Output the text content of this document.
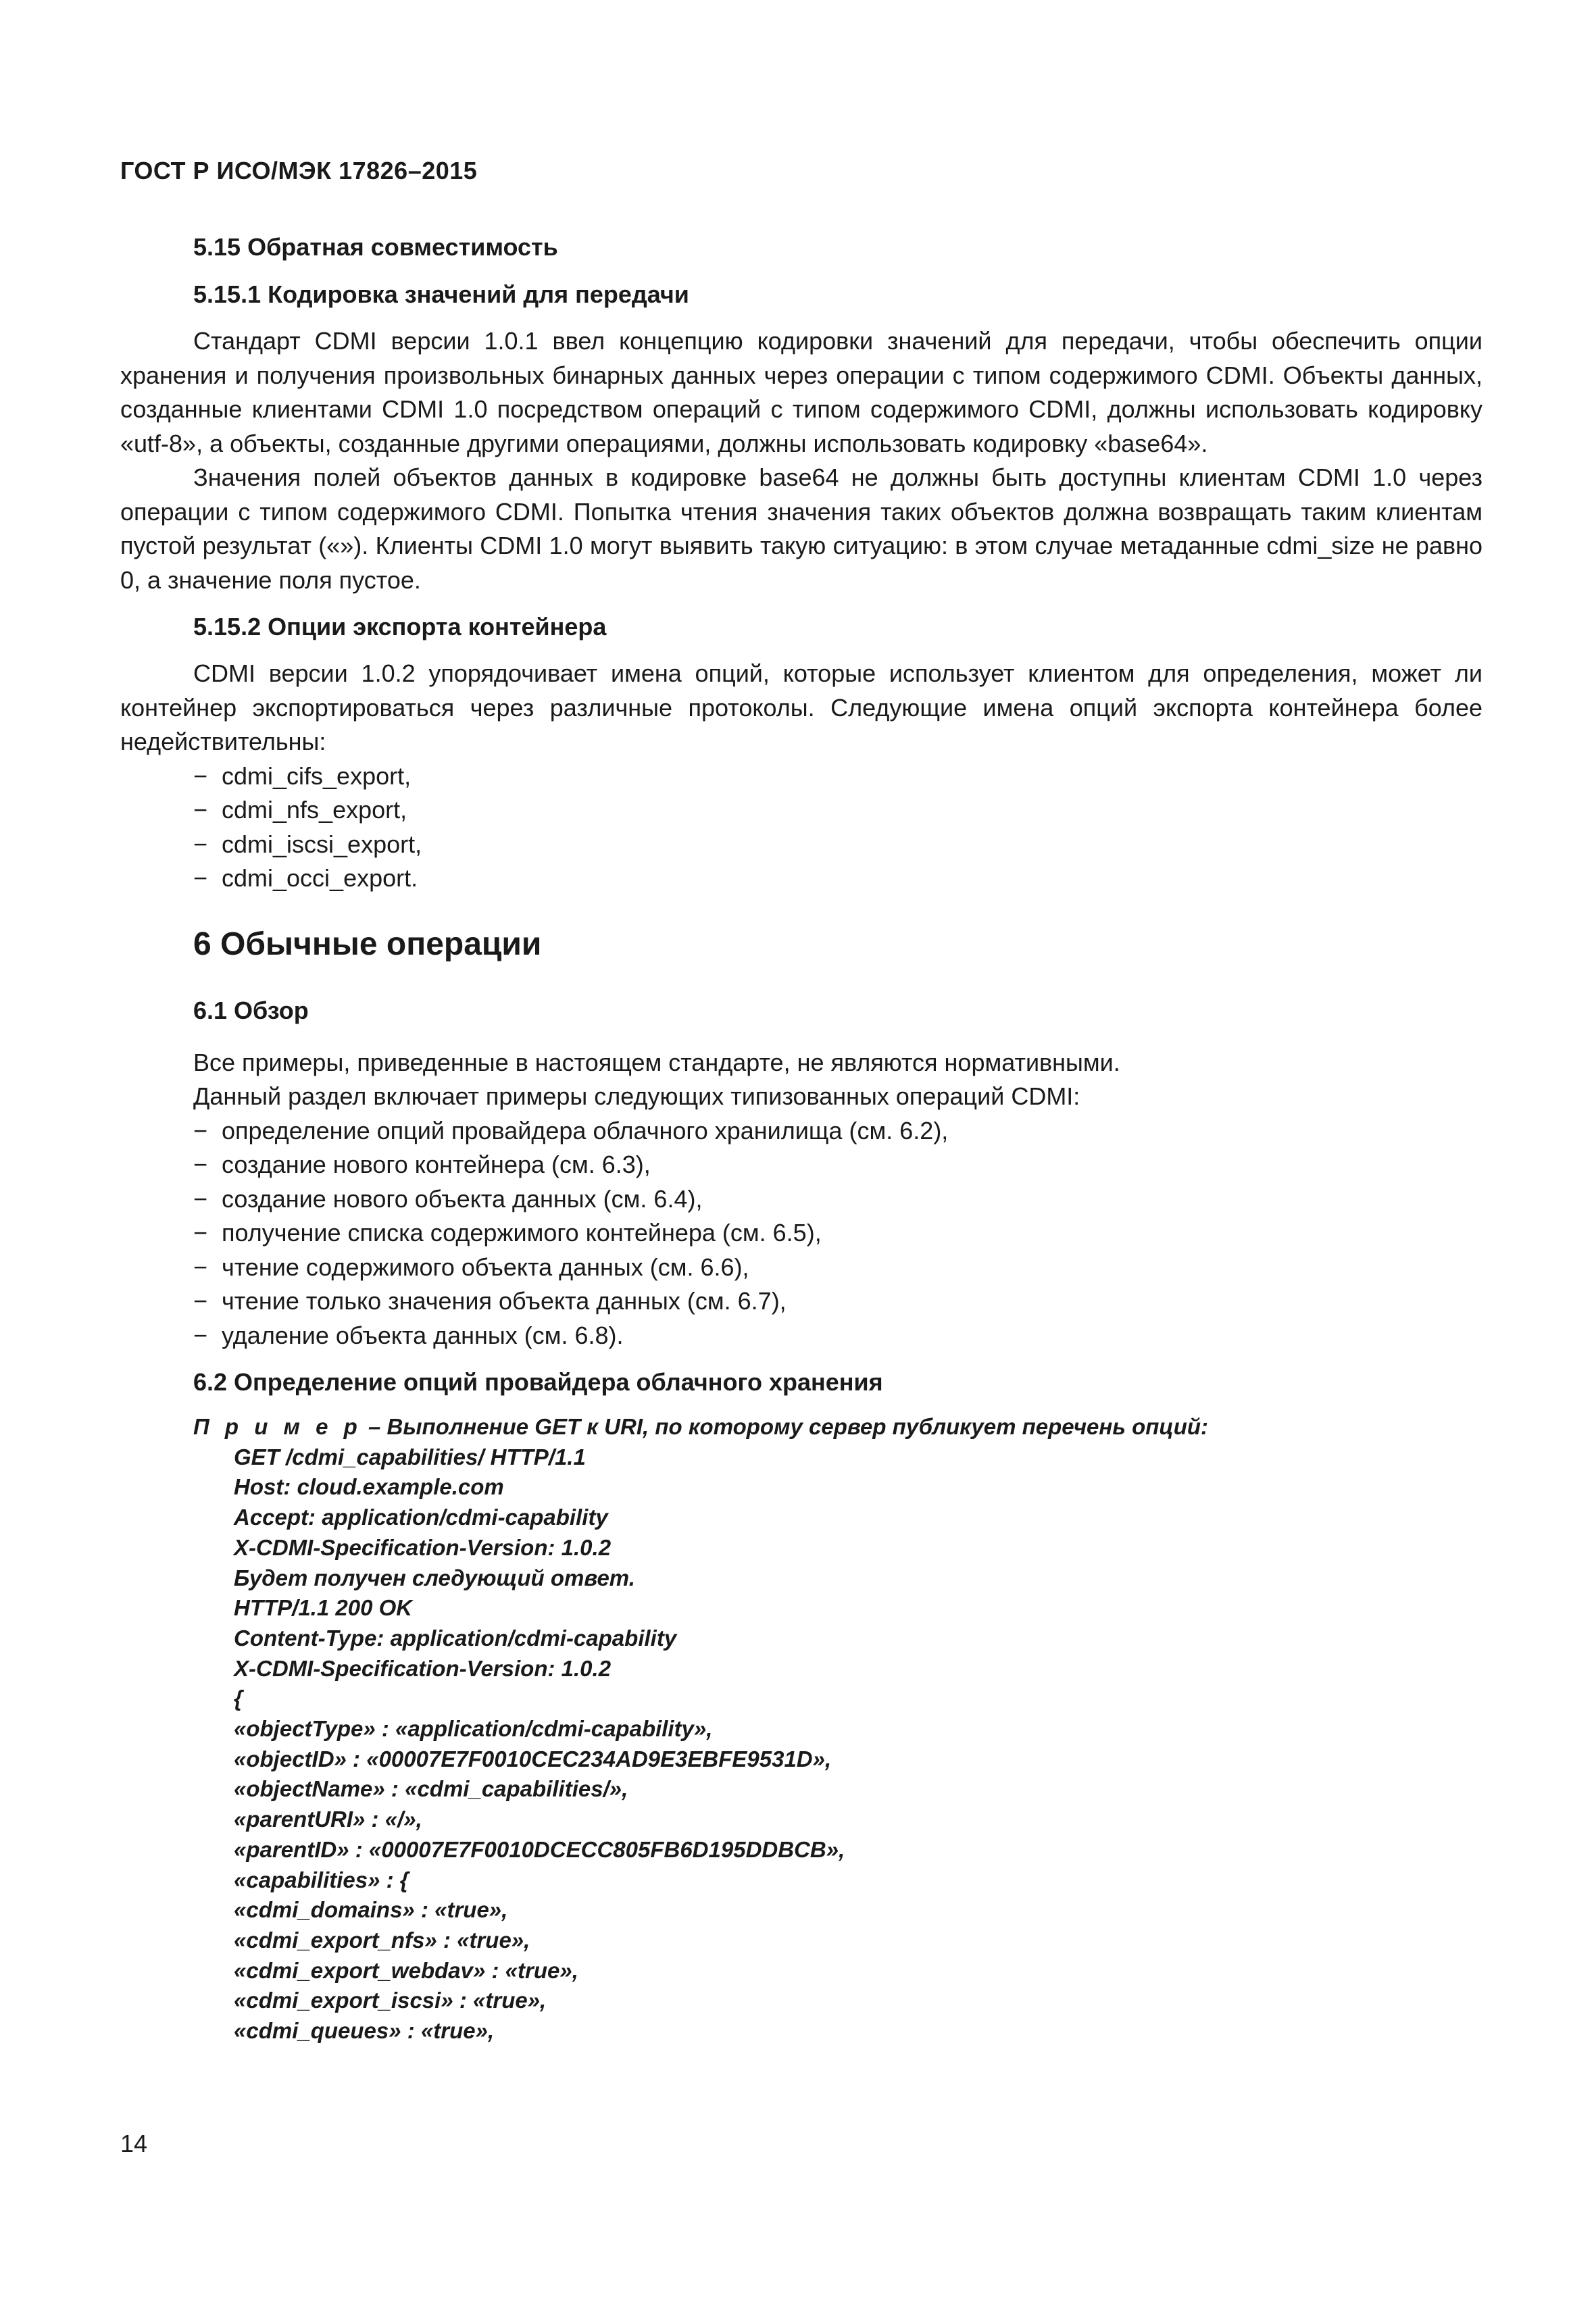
ГОСТ Р ИСО/МЭК 17826–2015
5.15 Обратная совместимость
5.15.1 Кодировка значений для передачи

Стандарт CDMI версии 1.0.1 ввел концепцию кодировки значений для передачи, чтобы обеспечить опции хранения и получения произвольных бинарных данных через операции с типом содержимого CDMI. Объекты данных, созданные клиентами CDMI 1.0 посредством операций с типом содержимого CDMI, должны использовать кодировку «utf-8», а объекты, созданные другими операциями, должны использовать кодировку «base64».

Значения полей объектов данных в кодировке base64 не должны быть доступны клиентам CDMI 1.0 через операции с типом содержимого CDMI. Попытка чтения значения таких объектов должна возвращать таким клиентам пустой результат («»). Клиенты CDMI 1.0 могут выявить такую ситуацию: в этом случае метаданные cdmi_size не равно 0, а значение поля пустое.

5.15.2 Опции экспорта контейнера

CDMI версии 1.0.2 упорядочивает имена опций, которые использует клиентом для определения, может ли контейнер экспортироваться через различные протоколы. Следующие имена опций экспорта контейнера более недействительны:

− cdmi_cifs_export,
− cdmi_nfs_export,
− cdmi_iscsi_export,
− cdmi_occi_export.
6 Обычные операции
6.1 Обзор
Все примеры, приведенные в настоящем стандарте, не являются нормативными.
Данный раздел включает примеры следующих типизованных операций CDMI:
− определение опций провайдера облачного хранилища (см. 6.2),
− создание нового контейнера (см. 6.3),
− создание нового объекта данных (см. 6.4),
− получение списка содержимого контейнера (см. 6.5),
− чтение содержимого объекта данных (см. 6.6),
− чтение только значения объекта данных (см. 6.7),
− удаление объекта данных (см. 6.8).
6.2 Определение опций провайдера облачного хранения
П р и м е р – Выполнение GET к URI, по которому сервер публикует перечень опций:
GET /cdmi_capabilities/ HTTP/1.1
Host: cloud.example.com
Accept: application/cdmi-capability
X-CDMI-Specification-Version: 1.0.2
Будет получен следующий ответ.
HTTP/1.1 200 OK
Content-Type: application/cdmi-capability
X-CDMI-Specification-Version: 1.0.2
{
«objectType» : «application/cdmi-capability»,
«objectID» : «00007E7F0010CEC234AD9E3EBFE9531D»,
«objectName» : «cdmi_capabilities/»,
«parentURI» : «/»,
«parentID» : «00007E7F0010DCECC805FB6D195DDBCB»,
«capabilities» : {
«cdmi_domains» : «true»,
«cdmi_export_nfs» : «true»,
«cdmi_export_webdav» : «true»,
«cdmi_export_iscsi» : «true»,
«cdmi_queues» : «true»,
14
